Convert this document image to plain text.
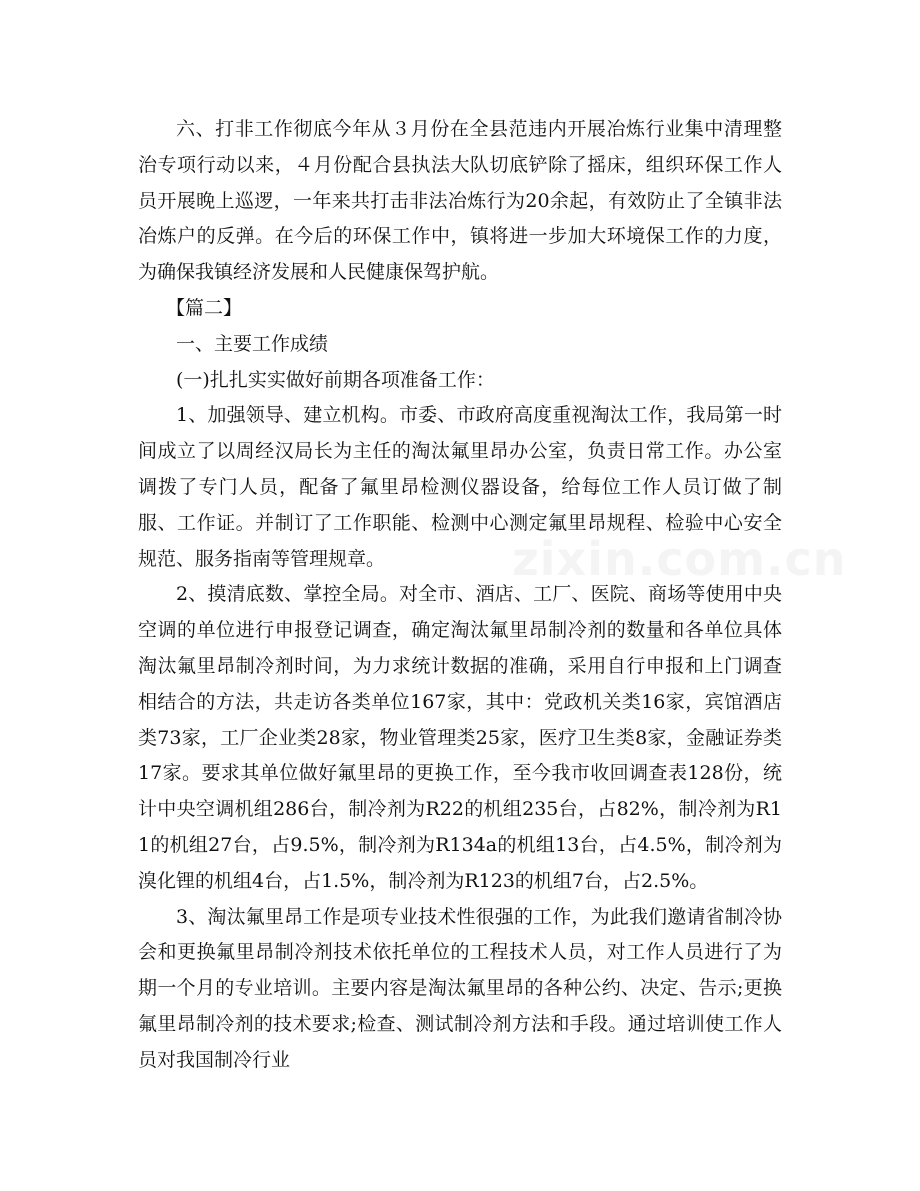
六、打非工作彻底今年从３月份在全县范违内开展冶炼行业集中清理整治专项行动以来，４月份配合县执法大队切底铲除了摇床，组织环保工作人员开展晚上巡逻，一年来共打击非法冶炼行为20余起，有效防止了全镇非法冶炼户的反弹。在今后的环保工作中，镇将进一步加大环境保工作的力度，为确保我镇经济发展和人民健康保驾护航。

【篇二】

一、主要工作成绩

(一)扎扎实实做好前期各项准备工作：

1、加强领导、建立机构。市委、市政府高度重视淘汰工作，我局第一时间成立了以周经汉局长为主任的淘汰氟里昂办公室，负责日常工作。办公室调拨了专门人员，配备了氟里昂检测仪器设备，给每位工作人员订做了制服、工作证。并制订了工作职能、检测中心测定氟里昂规程、检验中心安全规范、服务指南等管理规章。

2、摸清底数、掌控全局。对全市、酒店、工厂、医院、商场等使用中央空调的单位进行申报登记调查，确定淘汰氟里昂制冷剂的数量和各单位具体淘汰氟里昂制冷剂时间，为力求统计数据的准确，采用自行申报和上门调查相结合的方法，共走访各类单位167家，其中：党政机关类16家，宾馆酒店类73家，工厂企业类28家，物业管理类25家，医疗卫生类8家，金融证券类17家。要求其单位做好氟里昂的更换工作，至今我市收回调查表128份，统计中央空调机组286台，制冷剂为R22的机组235台，占82%，制冷剂为R11的机组27台，占9.5%，制冷剂为R134a的机组13台，占4.5%，制冷剂为溴化锂的机组4台，占1.5%，制冷剂为R123的机组7台，占2.5%。

3、淘汰氟里昂工作是项专业技术性很强的工作，为此我们邀请省制冷协会和更换氟里昂制冷剂技术依托单位的工程技术人员，对工作人员进行了为期一个月的专业培训。主要内容是淘汰氟里昂的各种公约、决定、告示;更换氟里昂制冷剂的技术要求;检查、测试制冷剂方法和手段。通过培训使工作人员对我国制冷行业

zixin.com.cn
